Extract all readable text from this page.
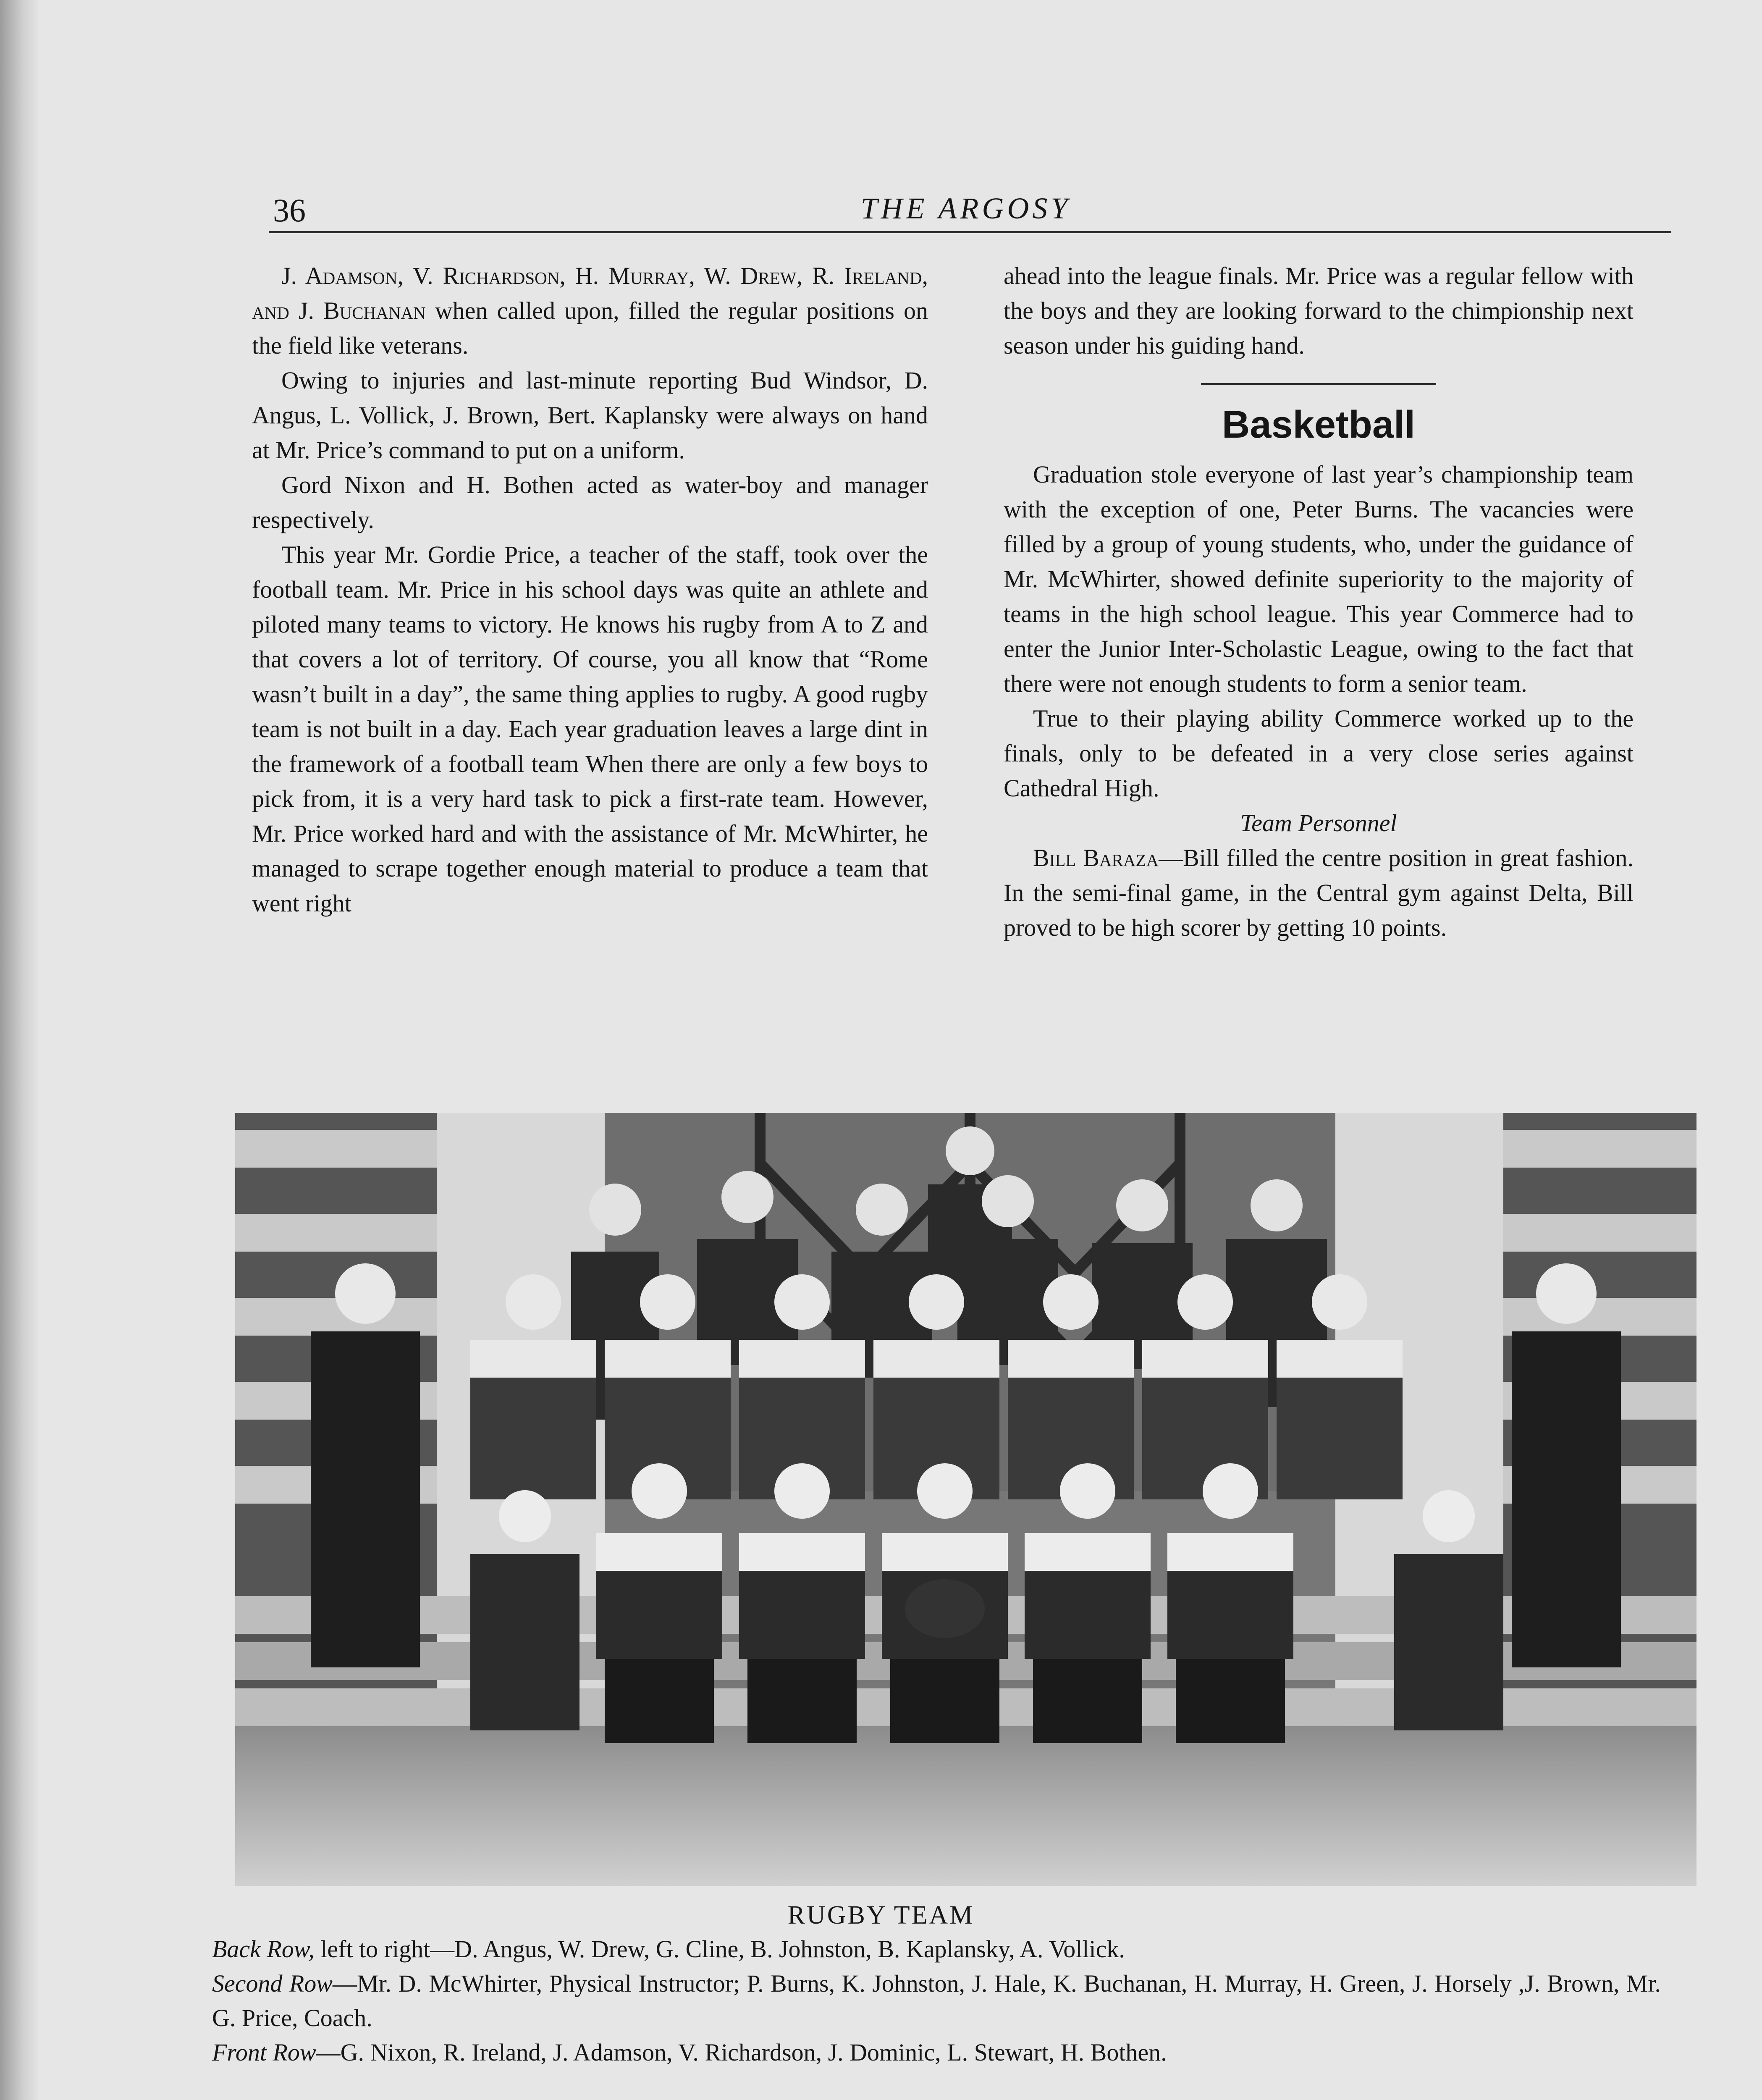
36	THE ARGOSY

J. Adamson, V. Richardson, H. Murray, W. Drew, R. Ireland, and J. Buchanan when called upon, filled the regular positions on the field like veterans.

Owing to injuries and last-minute reporting Bud Windsor, D. Angus, L. Vollick, J. Brown, Bert. Kaplansky were always on hand at Mr. Price’s command to put on a uniform.

Gord Nixon and H. Bothen acted as water-boy and manager respectively.

This year Mr. Gordie Price, a teacher of the staff, took over the football team. Mr. Price in his school days was quite an athlete and piloted many teams to victory. He knows his rugby from A to Z and that covers a lot of territory. Of course, you all know that “Rome wasn’t built in a day”, the same thing applies to rugby. A good rugby team is not built in a day. Each year graduation leaves a large dint in the framework of a football team When there are only a few boys to pick from, it is a very hard task to pick a first-rate team. However, Mr. Price worked hard and with the assistance of Mr. McWhirter, he managed to scrape together enough material to produce a team that went right

ahead into the league finals. Mr. Price was a regular fellow with the boys and they are looking forward to the chimpionship next season under his guiding hand.

Basketball

Graduation stole everyone of last year’s championship team with the exception of one, Peter Burns. The vacancies were filled by a group of young students, who, under the guidance of Mr. McWhirter, showed definite superiority to the majority of teams in the high school league. This year Commerce had to enter the Junior Inter-Scholastic League, owing to the fact that there were not enough students to form a senior team.

True to their playing ability Commerce worked up to the finals, only to be defeated in a very close series against Cathedral High.

Team Personnel

Bill Baraza—Bill filled the centre position in great fashion. In the semi-final game, in the Central gym against Delta, Bill proved to be high scorer by getting 10 points.

RUGBY TEAM

Back Row, left to right—D. Angus, W. Drew, G. Cline, B. Johnston, B. Kaplansky, A. Vollick.

Second Row—Mr. D. McWhirter, Physical Instructor; P. Burns, K. Johnston, J. Hale, K. Buchanan, H. Murray, H. Green, J. Horsely ,J. Brown, Mr. G. Price, Coach.

Front Row—G. Nixon, R. Ireland, J. Adamson, V. Richardson, J. Dominic, L. Stewart, H. Bothen.
